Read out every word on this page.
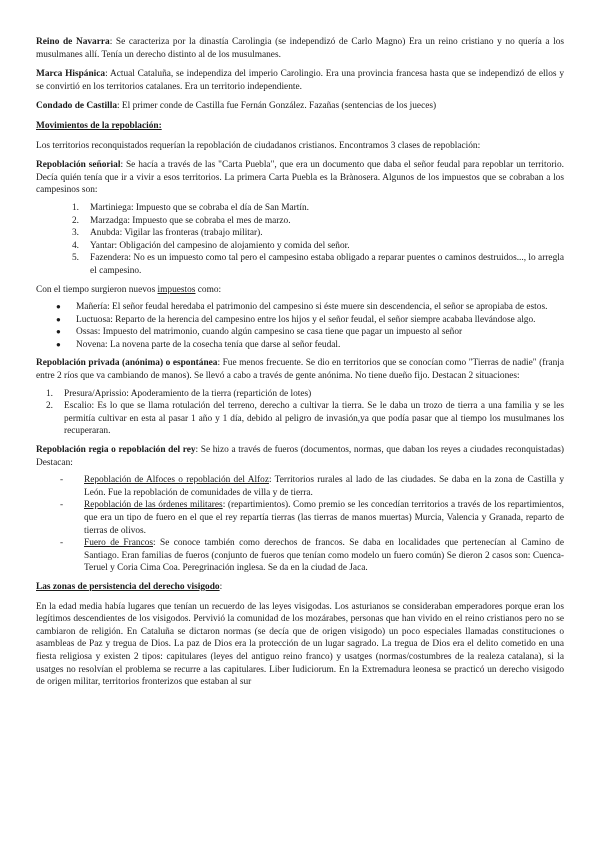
Reino de Navarra: Se caracteriza por la dinastía Carolingia (se independizó de Carlo Magno) Era un reino cristiano y no quería a los musulmanes allí. Tenía un derecho distinto al de los musulmanes.

Marca Hispánica: Actual Cataluña, se independiza del imperio Carolingio. Era una provincia francesa hasta que se independizó de ellos y se convirtió en los territorios catalanes. Era un territorio independiente.

Condado de Castilla: El primer conde de Castilla fue Fernán González. Fazañas (sentencias de los jueces)

Movimientos de la repoblación:

Los territorios reconquistados requerían la repoblación de ciudadanos cristianos. Encontramos 3 clases de repoblación:

Repoblación señorial: Se hacía a través de las "Carta Puebla", que era un documento que daba el señor feudal para repoblar un territorio. Decía quién tenía que ir a vivir a esos territorios. La primera Carta Puebla es la Brànosera. Algunos de los impuestos que se cobraban a los campesinos son:

1. Martiniega: Impuesto que se cobraba el día de San Martín.
2. Marzadga: Impuesto que se cobraba el mes de marzo.
3. Anubda: Vigilar las fronteras (trabajo militar).
4. Yantar: Obligación del campesino de alojamiento y comida del señor.
5. Fazendera: No es un impuesto como tal pero el campesino estaba obligado a reparar puentes o caminos destruidos..., lo arregla el campesino.

Con el tiempo surgieron nuevos impuestos como:

● Mañería: El señor feudal heredaba el patrimonio del campesino si éste muere sin descendencia, el señor se apropiaba de estos.
● Luctuosa: Reparto de la herencia del campesino entre los hijos y el señor feudal, el señor siempre acababa llevándose algo.
● Ossas: Impuesto del matrimonio, cuando algún campesino se casa tiene que pagar un impuesto al señor
● Novena: La novena parte de la cosecha tenía que darse al señor feudal.

Repoblación privada (anónima) o espontánea: Fue menos frecuente. Se dio en territorios que se conocían como "Tierras de nadie" (franja entre 2 ríos que va cambiando de manos). Se llevó a cabo a través de gente anónima. No tiene dueño fijo. Destacan 2 situaciones:

1. Presura/Aprissio: Apoderamiento de la tierra (repartición de lotes)
2. Escalio: Es lo que se llama rotulación del terreno, derecho a cultivar la tierra. Se le daba un trozo de tierra a una familia y se les permitía cultivar en esta al pasar 1 año y 1 día, debido al peligro de invasión,ya que podía pasar que al tiempo los musulmanes los recuperaran.

Repoblación regia o repoblación del rey: Se hizo a través de fueros (documentos, normas, que daban los reyes a ciudades reconquistadas) Destacan:

- Repoblación de Alfoces o repoblación del Alfoz: Territorios rurales al lado de las ciudades. Se daba en la zona de Castilla y León. Fue la repoblación de comunidades de villa y de tierra.
- Repoblación de las órdenes militares: (repartimientos). Como premio se les concedían territorios a través de los repartimientos, que era un tipo de fuero en el que el rey repartía tierras (las tierras de manos muertas) Murcia, Valencia y Granada, reparto de tierras de olivos.
- Fuero de Francos: Se conoce también como derechos de francos. Se daba en localidades que pertenecían al Camino de Santiago. Eran familias de fueros (conjunto de fueros que tenían como modelo un fuero común) Se dieron 2 casos son: Cuenca-Teruel y Coria Cima Coa. Peregrinación inglesa. Se da en la ciudad de Jaca.
Las zonas de persistencia del derecho visigodo:

En la edad media había lugares que tenían un recuerdo de las leyes visigodas. Los asturianos se consideraban emperadores porque eran los legítimos descendientes de los visigodos. Pervivió la comunidad de los mozárabes, personas que han vivido en el reino cristianos pero no se cambiaron de religión. En Cataluña se dictaron normas (se decía que de origen visigodo) un poco especiales llamadas constituciones o asambleas de Paz y tregua de Dios. La paz de Dios era la protección de un lugar sagrado. La tregua de Dios era el delito cometido en una fiesta religiosa y existen 2 tipos: capitulares (leyes del antiguo reino franco) y usatges (normas/costumbres de la realeza catalana), si la usatges no resolvían el problema se recurre a las capitulares. Liber Iudiciorum. En la Extremadura leonesa se practicó un derecho visigodo de origen militar, territorios fronterizos que estaban al sur
